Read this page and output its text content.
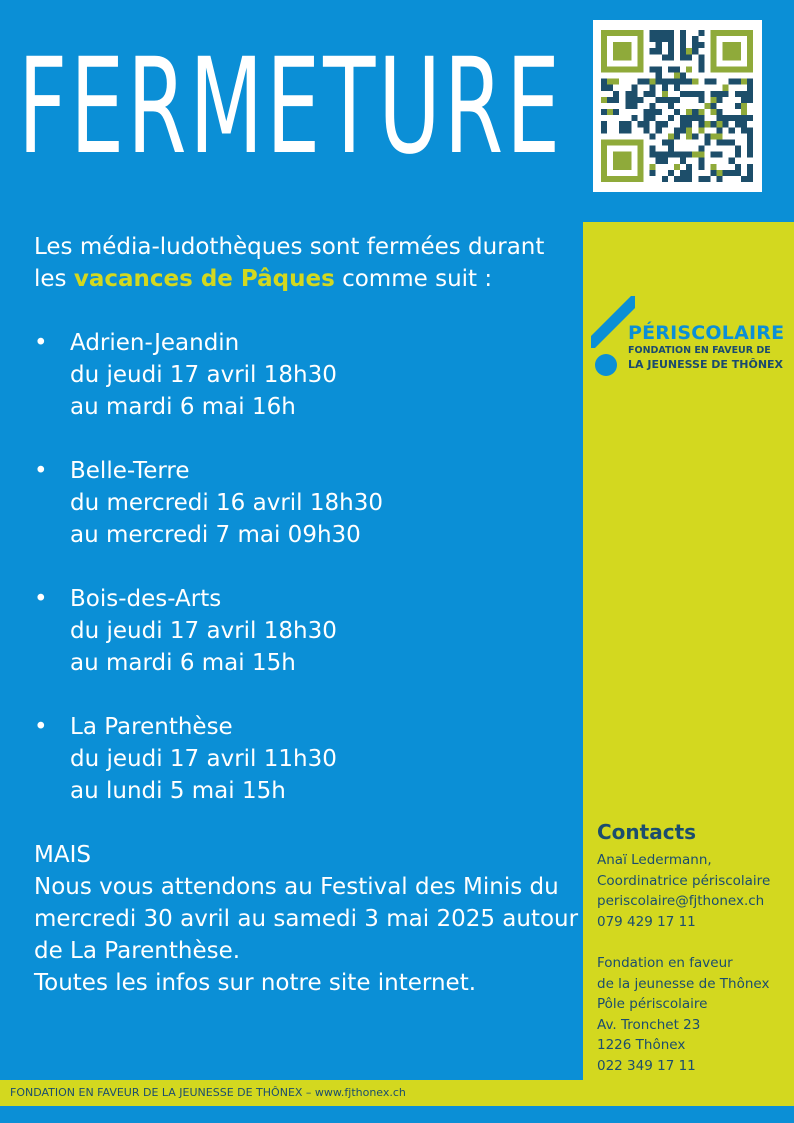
FERMETURE

Les média-ludothèques sont fermées durant les vacances de Pâques comme suit :

• Adrien-Jeandin
du jeudi 17 avril 18h30
au mardi 6 mai 16h
• Belle-Terre
du mercredi 16 avril 18h30
au mercredi 7 mai 09h30
• Bois-des-Arts
du jeudi 17 avril 18h30
au mardi 6 mai 15h
• La Parenthèse
du jeudi 17 avril 11h30
au lundi 5 mai 15h

MAIS

Nous vous attendons au Festival des Minis du
mercredi 30 avril au samedi 3 mai 2025 autour
de La Parenthèse.
Toutes les infos sur notre site internet.

PÉRISCOLAIRE

FONDATION EN FAVEUR DE

LA JEUNESSE DE THÔNEX

Contacts
Anaï Ledermann,
Coordinatrice périscolaire
periscolaire@fjthonex.ch
079 429 17 11
Fondation en faveur
de la jeunesse de Thônex
Pôle périscolaire
Av. Tronchet 23
1226 Thônex
022 349 17 11
FONDATION EN FAVEUR DE LA JEUNESSE DE THÔNEX – www.fjthonex.ch
